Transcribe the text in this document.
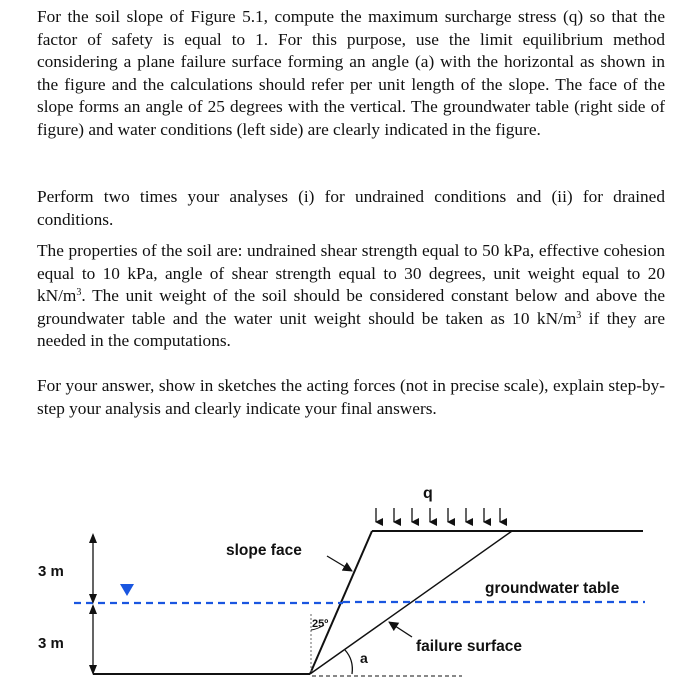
For the soil slope of Figure 5.1, compute the maximum surcharge stress (q) so that the factor of safety is equal to 1. For this purpose, use the limit equilibrium method considering a plane failure surface forming an angle (a) with the horizontal as shown in the figure and the calculations should refer per unit length of the slope. The face of the slope forms an angle of 25 degrees with the vertical. The groundwater table (right side of figure) and water conditions (left side) are clearly indicated in the figure.

Perform two times your analyses (i) for undrained conditions and (ii) for drained conditions.

The properties of the soil are: undrained shear strength equal to 50 kPa, effective cohesion equal to 10 kPa, angle of shear strength equal to 30 degrees, unit weight equal to 20 $kN/m^3$. The unit weight of the soil should be considered constant below and above the groundwater table and the water unit weight should be taken as 10 $kN/m^3$ if they are needed in the computations.

For your answer, show in sketches the acting forces (not in precise scale), explain step-by-step your analysis and clearly indicate your final answers.

3 m
3 m
q
slope face
groundwater table
failure surface
25º
a
